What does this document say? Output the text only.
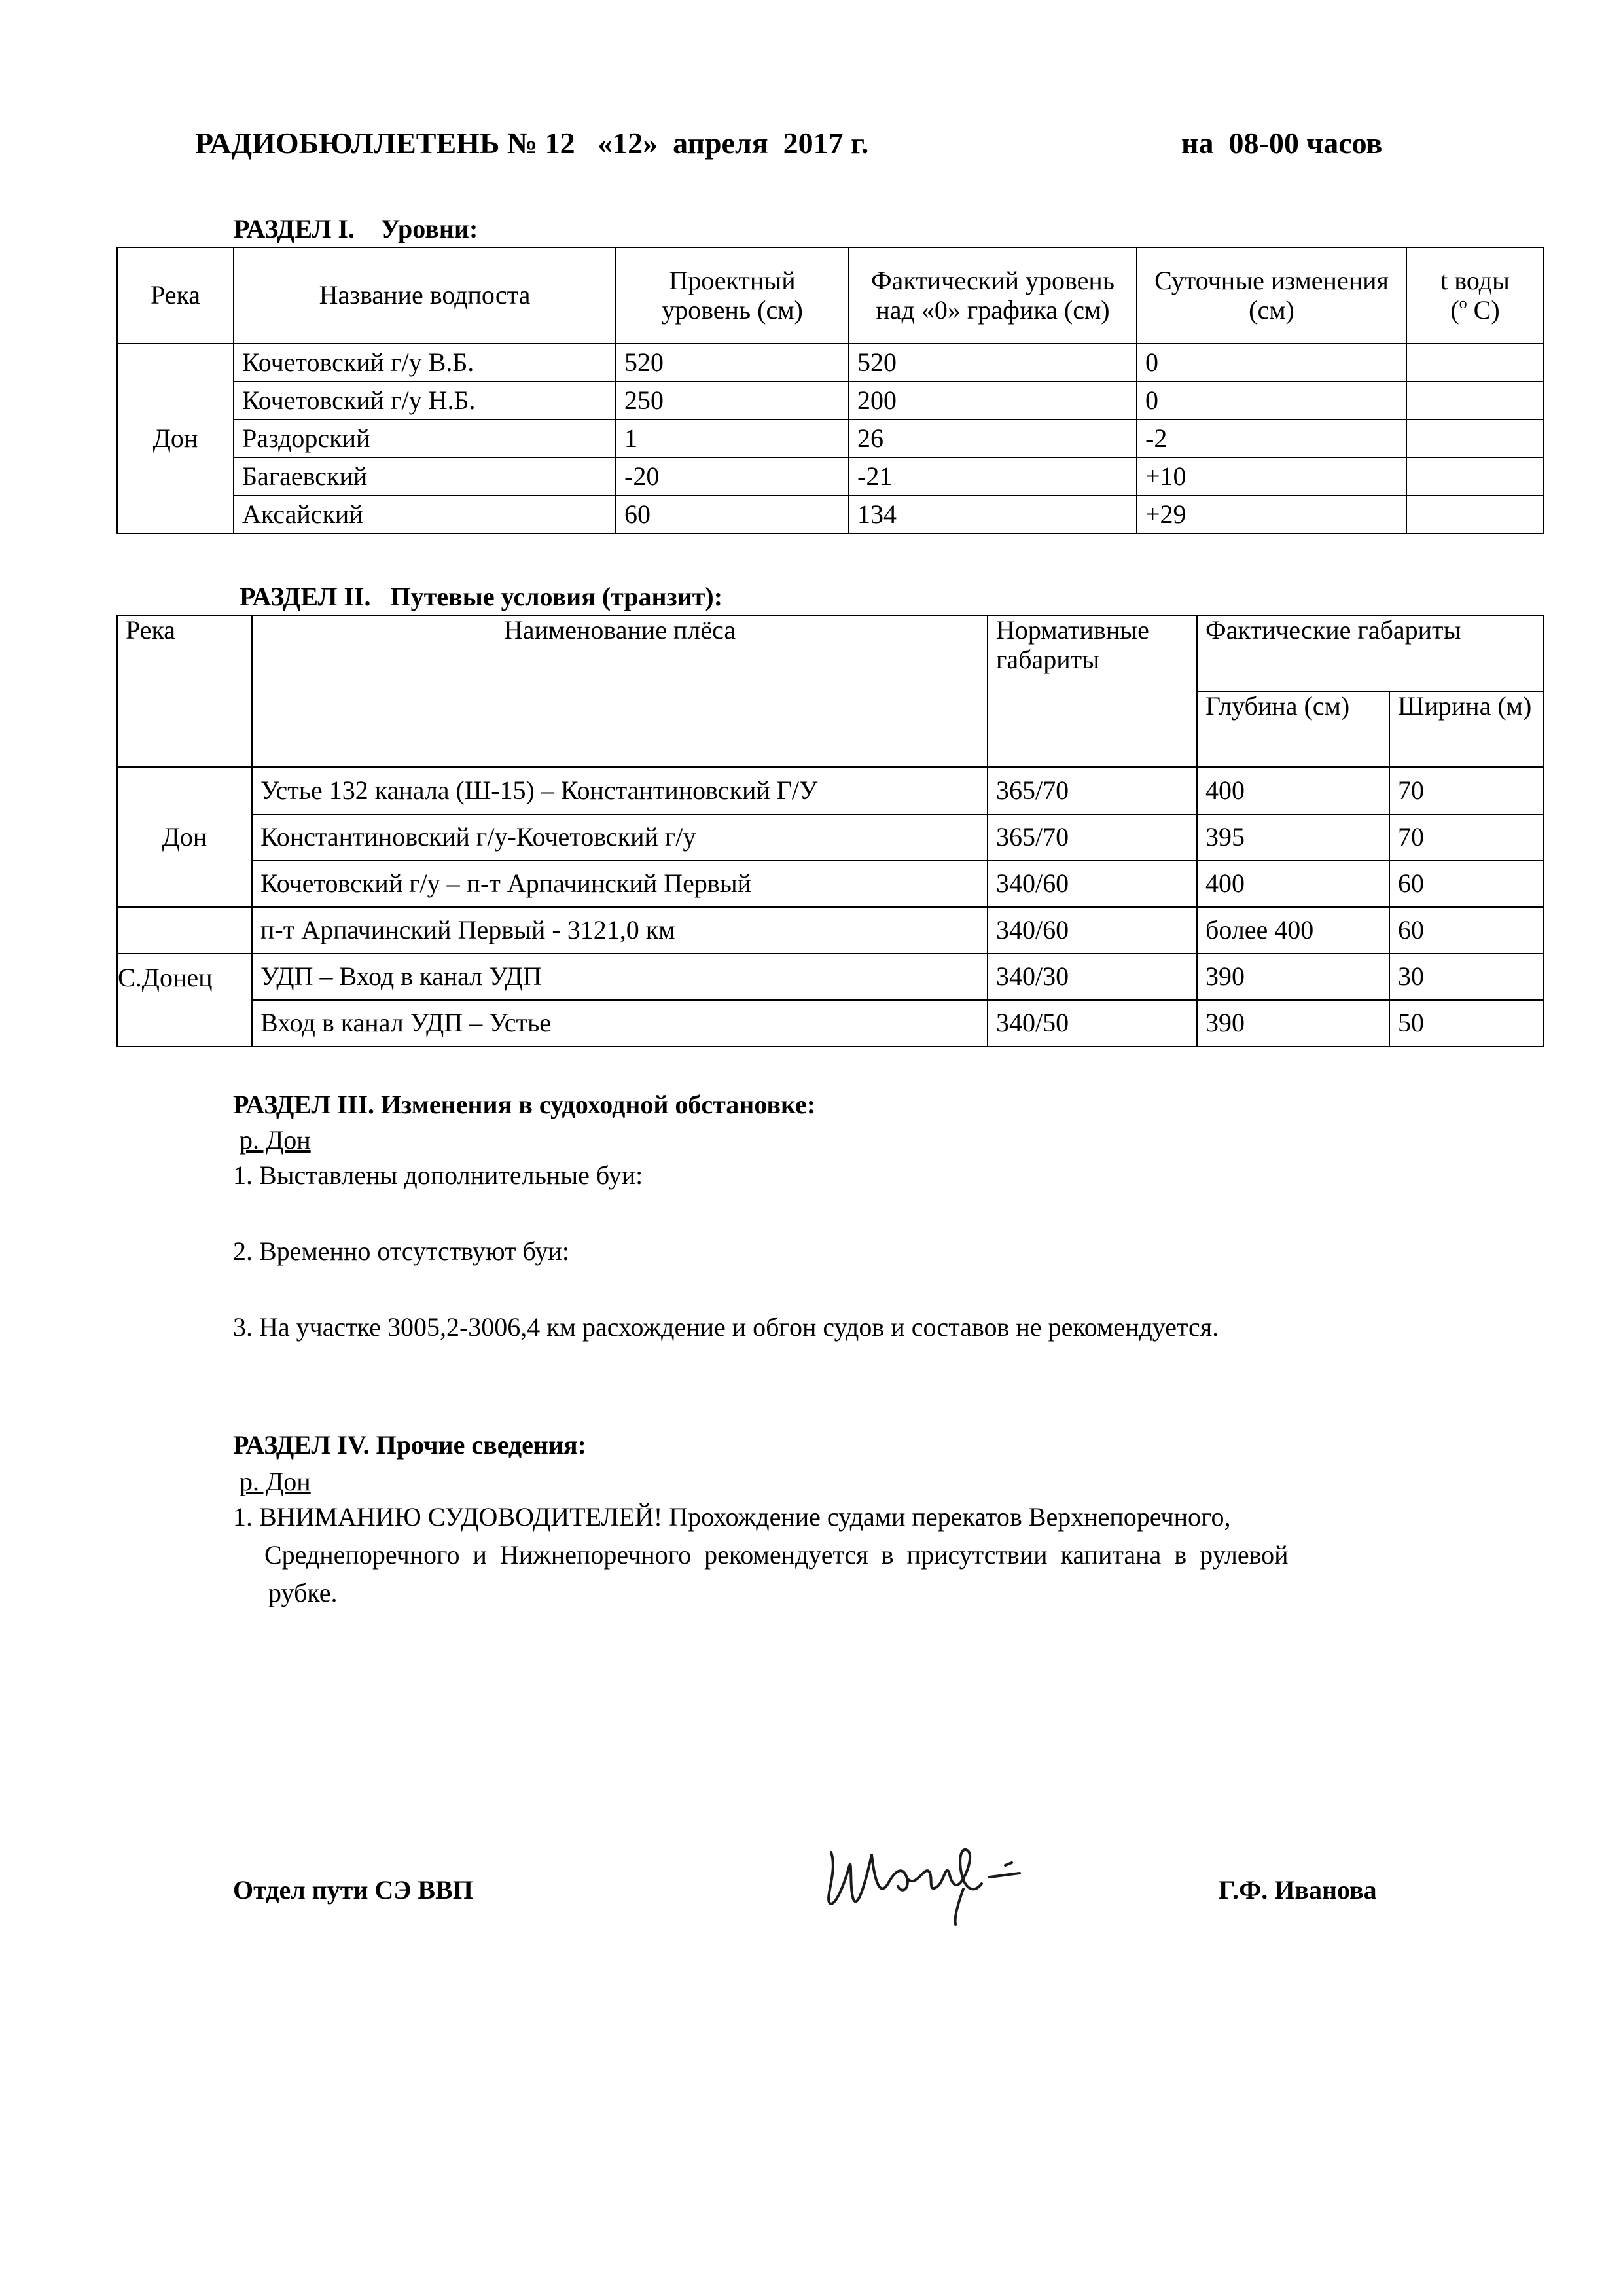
РАДИОБЮЛЛЕТЕНЬ № 12   «12»  апреля  2017 г.	на  08-00 часов
РАЗДЕЛ I.    Уровни:
Река	Название водпоста	Проектный уровень (см)	Фактический уровень над «0» графика (см)	Суточные изменения (см)	t воды
($^o$ C)
Дон	Кочетовский г/у В.Б.	520	520	0	
	Кочетовский г/у Н.Б.	250	200	0	
	Раздорский	1	26	-2	
	Багаевский	-20	-21	+10	
	Аксайский	60	134	+29	
РАЗДЕЛ II.   Путевые условия (транзит):
Река	Наименование плёса	Нормативные габариты	Фактические габариты	
			Глубина (см)	Ширина (м)
Дон	Устье 132 канала (Ш-15) – Константиновский Г/У	365/70	400	70
	Константиновский г/у-Кочетовский г/у	365/70	395	70
	Кочетовский г/у – п-т Арпачинский Первый	340/60	400	60
	п-т Арпачинский Первый - 3121,0 км	340/60	более 400	60
С.Донец	УДП – Вход в канал УДП	340/30	390	30
	Вход в канал УДП – Устье	340/50	390	50
РАЗДЕЛ III. Изменения в судоходной обстановке:
р. Дон
1. Выставлены дополнительные буи:
2. Временно отсутствуют буи:
3. На участке 3005,2-3006,4 км расхождение и обгон судов и составов не рекомендуется.
РАЗДЕЛ IV. Прочие сведения:
р. Дон
1. ВНИМАНИЮ СУДОВОДИТЕЛЕЙ! Прохождение судами перекатов Верхнепоречного,
Среднепоречного  и  Нижнепоречного  рекомендуется  в  присутствии  капитана  в  рулевой
рубке.
Отдел пути СЭ ВВП	Г.Ф. Иванова
